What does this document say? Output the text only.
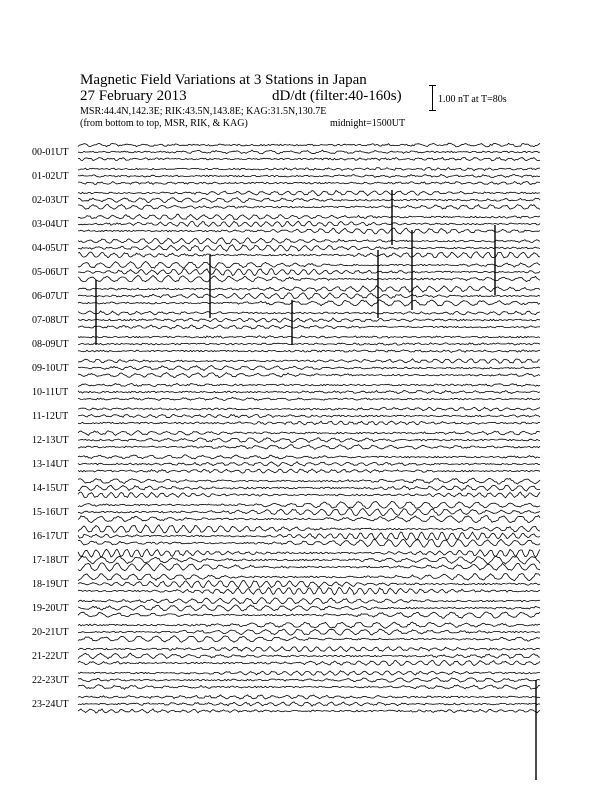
Magnetic Field Variations at 3 Stations in Japan
27 February 2013	dD/dt (filter:40-160s)
MSR:44.4N,142.3E; RIK:43.5N,143.8E; KAG:31.5N,130.7E
(from bottom to top, MSR, RIK, & KAG)	midnight=1500UT
1.00 nT at T=80s
00-01UT
01-02UT
02-03UT
03-04UT
04-05UT
05-06UT
06-07UT
07-08UT
08-09UT
09-10UT
10-11UT
11-12UT
12-13UT
13-14UT
14-15UT
15-16UT
16-17UT
17-18UT
18-19UT
19-20UT
20-21UT
21-22UT
22-23UT
23-24UT
